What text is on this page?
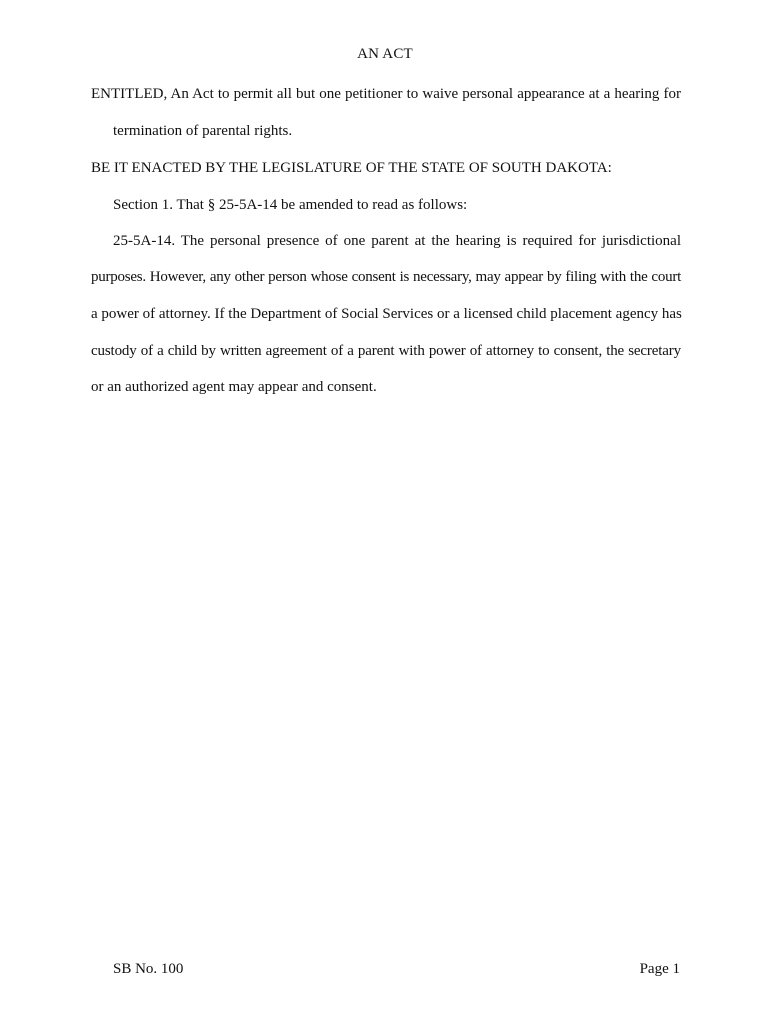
AN ACT
ENTITLED, An Act to permit all but one petitioner to waive personal appearance at a hearing for
termination of parental rights.
BE IT ENACTED BY THE LEGISLATURE OF THE STATE OF SOUTH DAKOTA:
Section 1. That § 25-5A-14 be amended to read as follows:
25-5A-14. The personal presence of one parent at the hearing is required for jurisdictional
purposes. However, any other person whose consent is necessary, may appear by filing with the court
a power of attorney. If the Department of Social Services or a licensed child placement agency has
custody of a child by written agreement of a parent with power of attorney to consent, the secretary
or an authorized agent may appear and consent.
SB No. 100	Page 1
